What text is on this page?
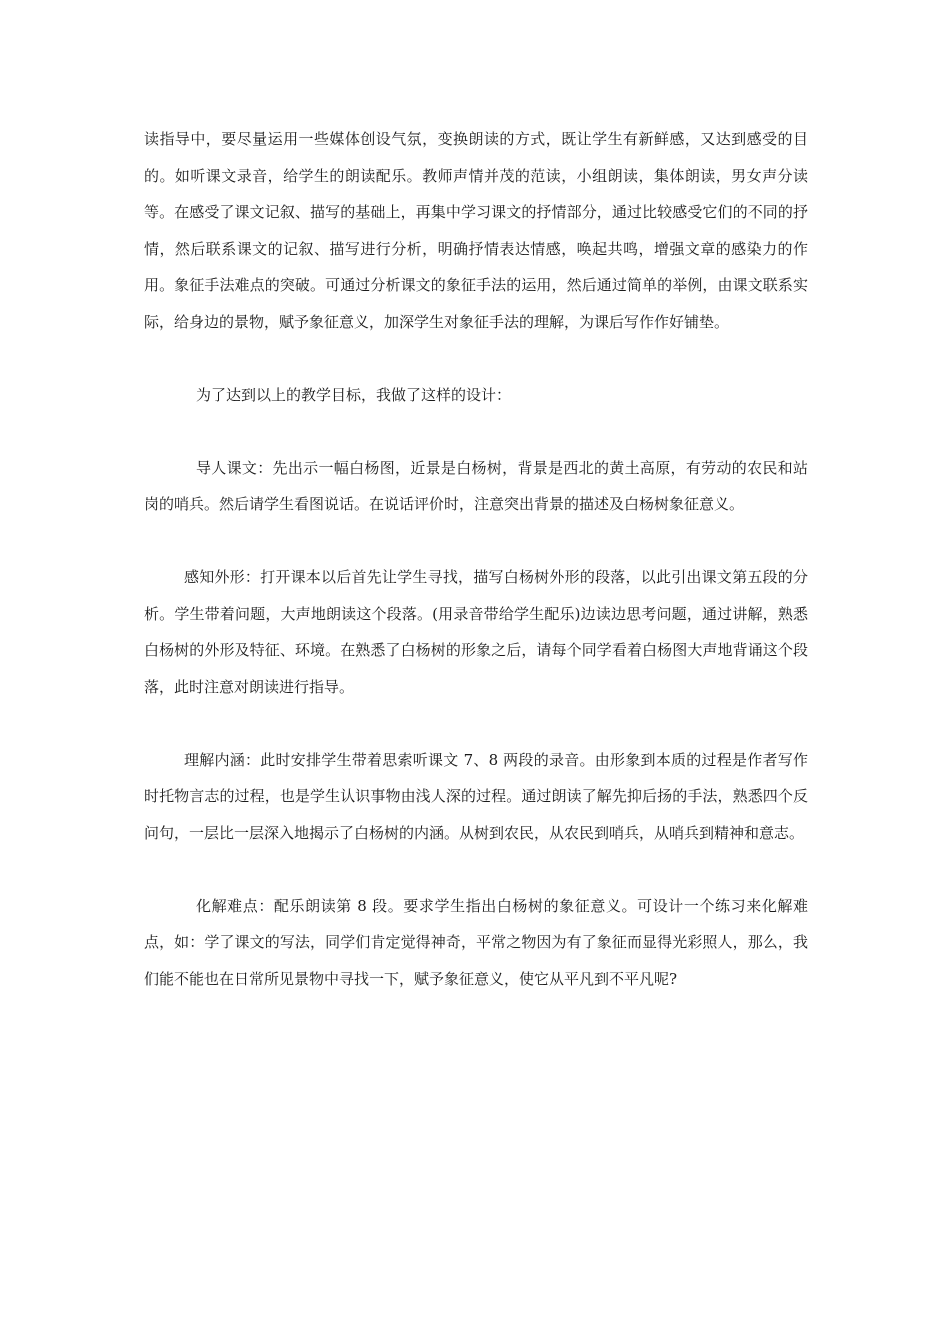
读指导中，要尽量运用一些媒体创设气氛，变换朗读的方式，既让学生有新鲜感，又达到感受的目的。如听课文录音，给学生的朗读配乐。教师声情并茂的范读，小组朗读，集体朗读，男女声分读等。在感受了课文记叙、描写的基础上，再集中学习课文的抒情部分，通过比较感受它们的不同的抒情，然后联系课文的记叙、描写进行分析，明确抒情表达情感，唤起共鸣，增强文章的感染力的作用。象征手法难点的突破。可通过分析课文的象征手法的运用，然后通过简单的举例，由课文联系实际，给身边的景物，赋予象征意义，加深学生对象征手法的理解，为课后写作作好铺垫。

为了达到以上的教学目标，我做了这样的设计：

导人课文：先出示一幅白杨图，近景是白杨树，背景是西北的黄土高原，有劳动的农民和站岗的哨兵。然后请学生看图说话。在说话评价时，注意突出背景的描述及白杨树象征意义。

感知外形：打开课本以后首先让学生寻找，描写白杨树外形的段落，以此引出课文第五段的分析。学生带着问题，大声地朗读这个段落。(用录音带给学生配乐)边读边思考问题，通过讲解，熟悉白杨树的外形及特征、环境。在熟悉了白杨树的形象之后，请每个同学看着白杨图大声地背诵这个段落，此时注意对朗读进行指导。

理解内涵：此时安排学生带着思索听课文 7、8 两段的录音。由形象到本质的过程是作者写作时托物言志的过程，也是学生认识事物由浅人深的过程。通过朗读了解先抑后扬的手法，熟悉四个反问句，一层比一层深入地揭示了白杨树的内涵。从树到农民，从农民到哨兵，从哨兵到精神和意志。

化解难点：配乐朗读第 8 段。要求学生指出白杨树的象征意义。可设计一个练习来化解难点，如：学了课文的写法，同学们肯定觉得神奇，平常之物因为有了象征而显得光彩照人，那么，我们能不能也在日常所见景物中寻找一下，赋予象征意义，使它从平凡到不平凡呢?
